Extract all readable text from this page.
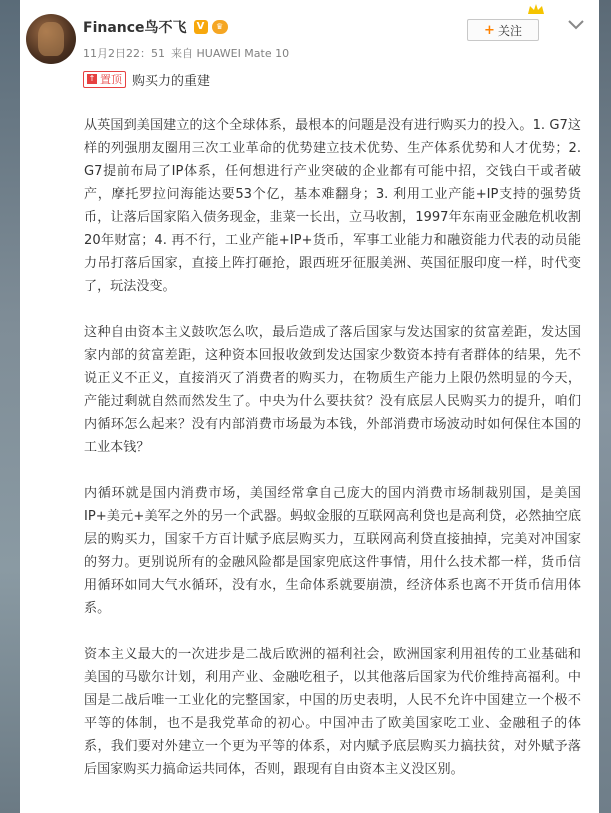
Finance鸟不飞	V	♛
11月2日22：51 来自 HUAWEI Mate 10
+ 关注
↑ 置顶 购买力的重建

从英国到美国建立的这个全球体系，最根本的问题是没有进行购买力的投入。1. G7这样的列强朋友圈用三次工业革命的优势建立技术优势、生产体系优势和人才优势；2. G7提前布局了IP体系，任何想进行产业突破的企业都有可能中招，交钱白干或者破产，摩托罗拉问海能达要53个亿，基本难翻身；3. 利用工业产能+IP支持的强势货币，让落后国家陷入债务现金，韭菜一长出，立马收割，1997年东南亚金融危机收割20年财富；4. 再不行，工业产能+IP+货币，军事工业能力和融资能力代表的动员能力吊打落后国家，直接上阵打砸抢，跟西班牙征服美洲、英国征服印度一样，时代变了，玩法没变。

这种自由资本主义鼓吹怎么吹，最后造成了落后国家与发达国家的贫富差距，发达国家内部的贫富差距，这种资本回报收敛到发达国家少数资本持有者群体的结果，先不说正义不正义，直接消灭了消费者的购买力，在物质生产能力上限仍然明显的今天，产能过剩就自然而然发生了。中央为什么要扶贫？没有底层人民购买力的提升，咱们内循环怎么起来？没有内部消费市场最为本钱，外部消费市场波动时如何保住本国的工业本钱？

内循环就是国内消费市场，美国经常拿自己庞大的国内消费市场制裁别国，是美国IP+美元+美军之外的另一个武器。蚂蚁金服的互联网高利贷也是高利贷，必然抽空底层的购买力，国家千方百计赋予底层购买力，互联网高利贷直接抽掉，完美对冲国家的努力。更别说所有的金融风险都是国家兜底这件事情，用什么技术都一样，货币信用循环如同大气水循环，没有水，生命体系就要崩溃，经济体系也离不开货币信用体系。

资本主义最大的一次进步是二战后欧洲的福利社会，欧洲国家利用祖传的工业基础和美国的马歇尔计划，利用产业、金融吃租子，以其他落后国家为代价维持高福利。中国是二战后唯一工业化的完整国家，中国的历史表明，人民不允许中国建立一个极不平等的体制，也不是我党革命的初心。中国冲击了欧美国家吃工业、金融租子的体系，我们要对外建立一个更为平等的体系，对内赋予底层购买力搞扶贫，对外赋予落后国家购买力搞命运共同体，否则，跟现有自由资本主义没区别。
